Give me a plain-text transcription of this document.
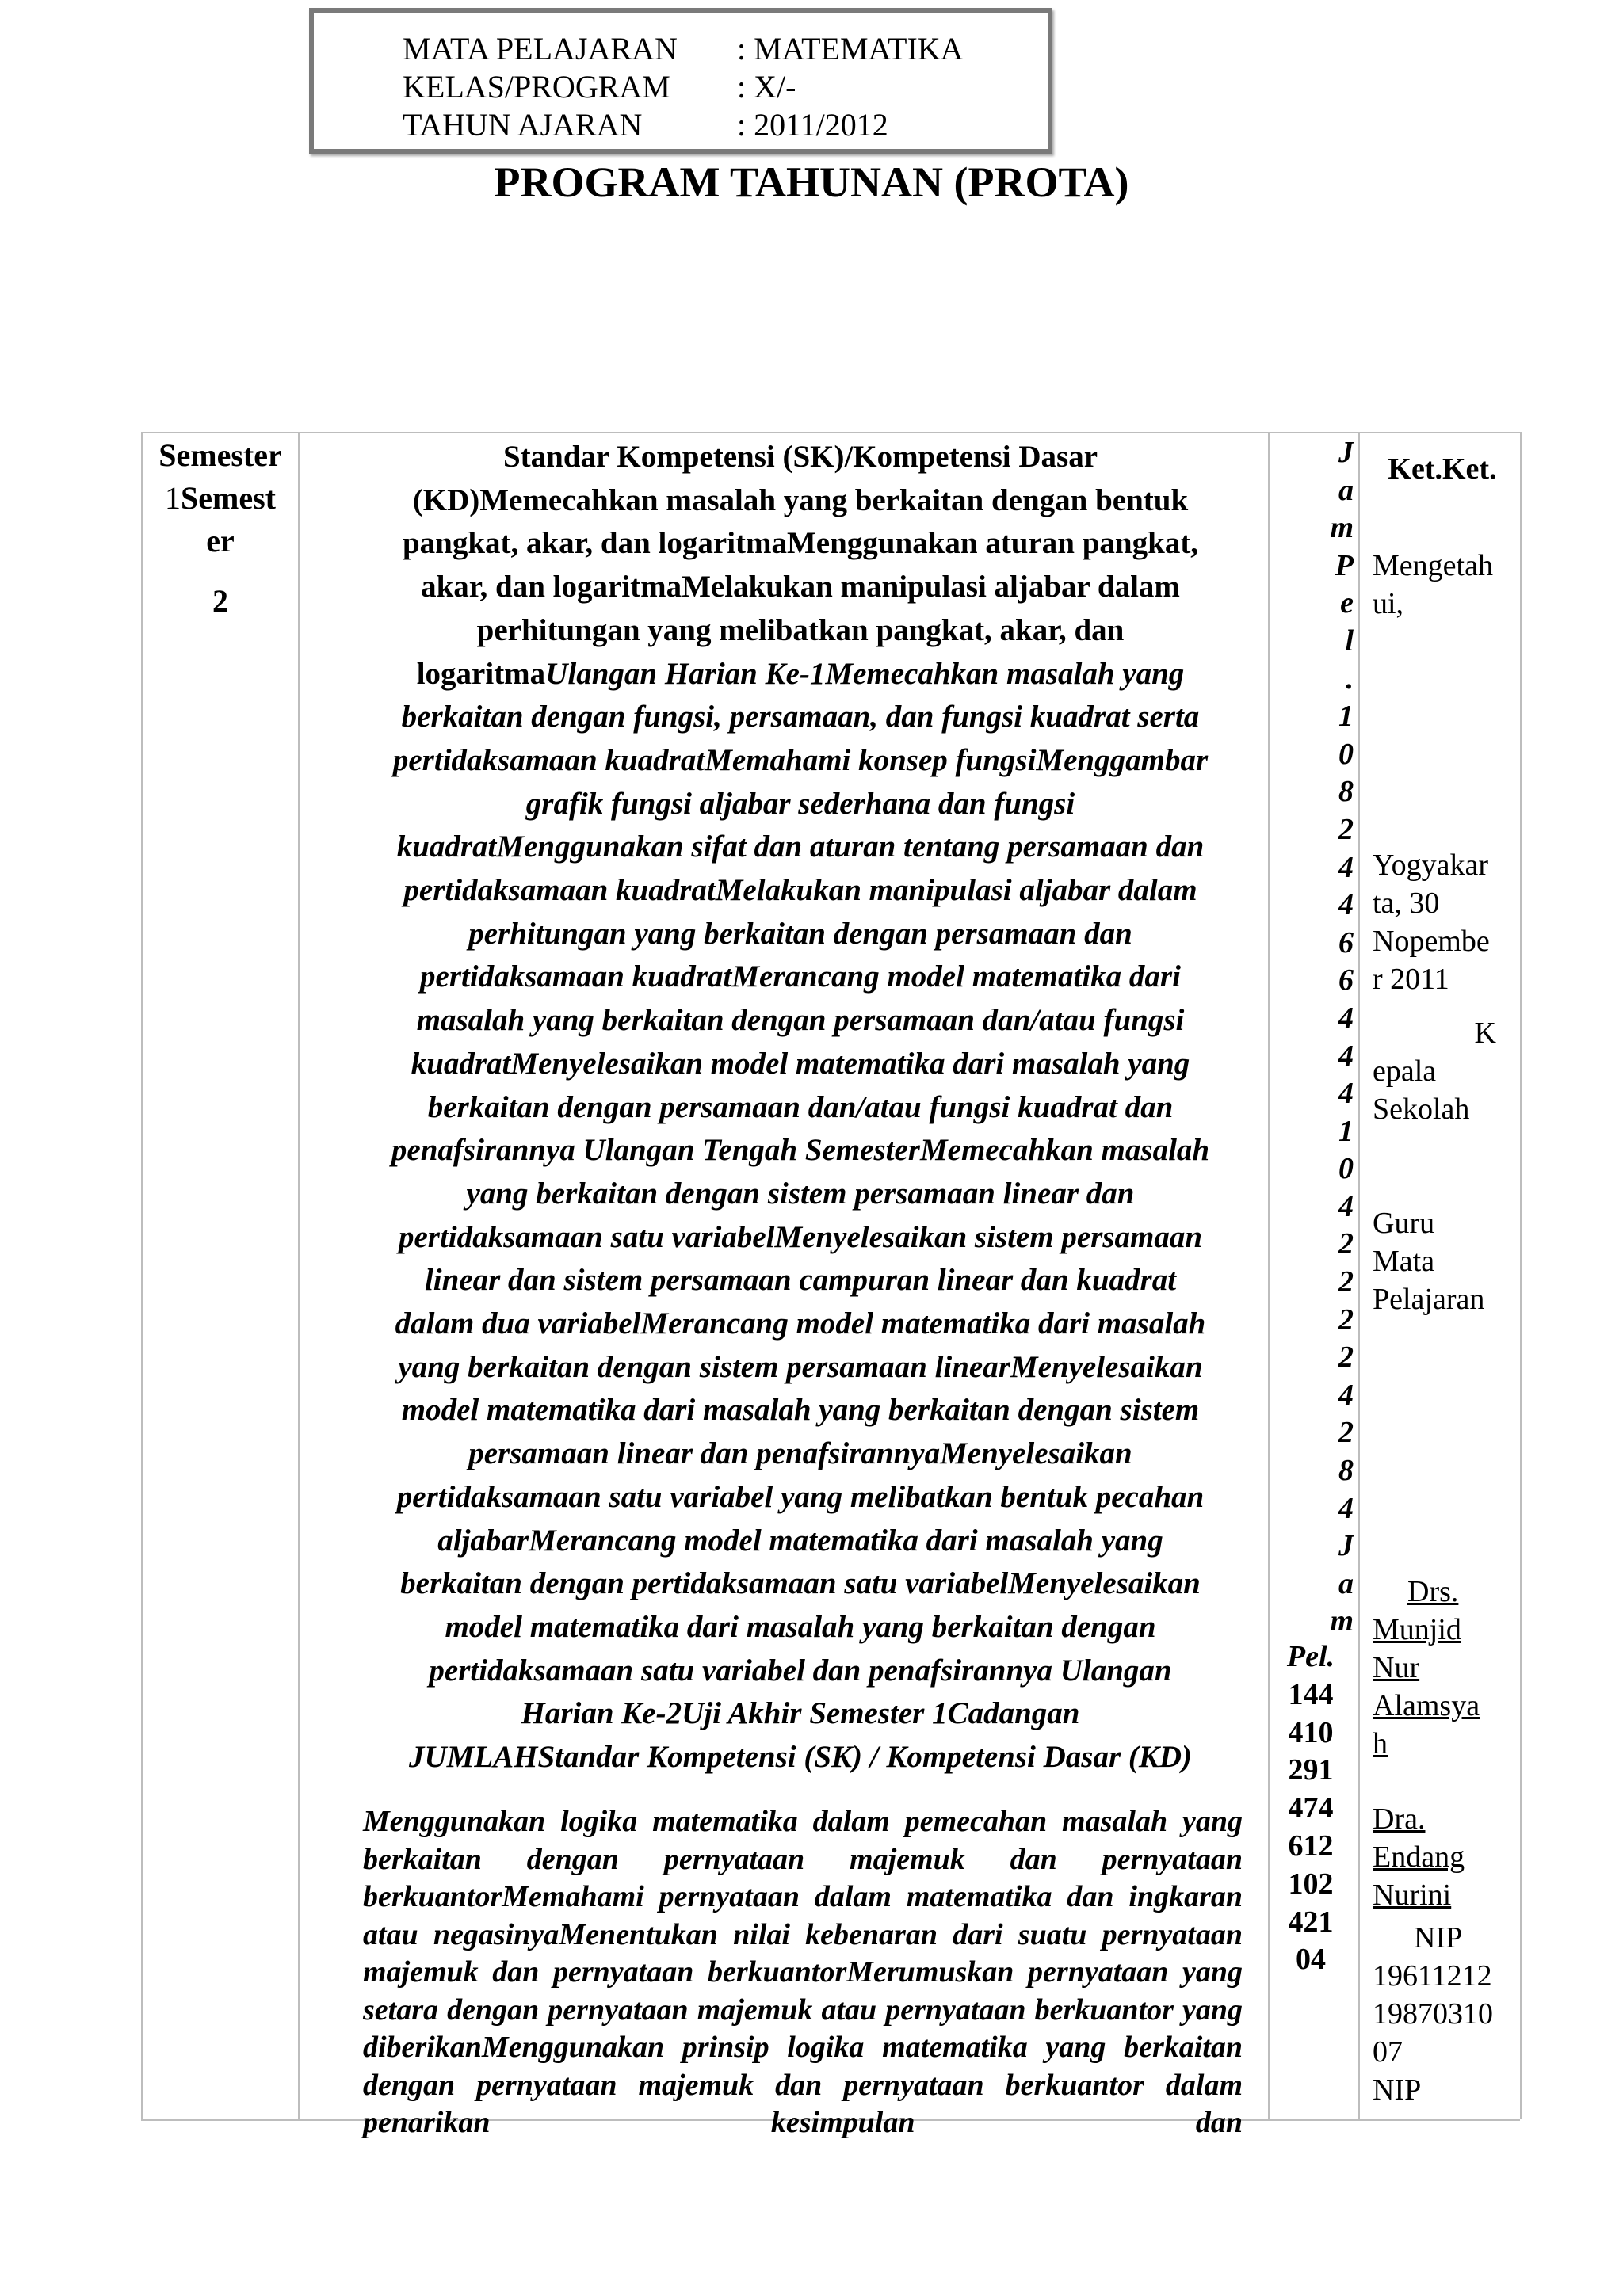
MATA PELAJARAN : MATEMATIKA
KELAS/PROGRAM : X/-
TAHUN AJARAN	: 2011/2012
PROGRAM TAHUNAN (PROTA)
Semester
1Semest
er
2
Standar Kompetensi (SK)/Kompetensi Dasar
(KD)Memecahkan masalah yang berkaitan dengan bentuk
pangkat, akar, dan logaritmaMenggunakan aturan pangkat,
akar, dan logaritmaMelakukan manipulasi aljabar dalam
perhitungan yang melibatkan pangkat, akar, dan
logaritmaUlangan Harian Ke-1Memecahkan masalah yang
berkaitan dengan fungsi, persamaan, dan fungsi kuadrat serta
pertidaksamaan kuadratMemahami konsep fungsiMenggambar
grafik fungsi aljabar sederhana dan fungsi
kuadratMenggunakan sifat dan aturan tentang persamaan dan
pertidaksamaan kuadratMelakukan manipulasi aljabar dalam
perhitungan yang berkaitan dengan persamaan dan
pertidaksamaan kuadratMerancang model matematika dari
masalah yang berkaitan dengan persamaan dan/atau fungsi
kuadratMenyelesaikan model matematika dari masalah yang
berkaitan dengan persamaan dan/atau fungsi kuadrat dan
penafsirannya Ulangan Tengah SemesterMemecahkan masalah
yang berkaitan dengan sistem persamaan linear dan
pertidaksamaan satu variabelMenyelesaikan sistem persamaan
linear dan sistem persamaan campuran linear dan kuadrat
dalam dua variabelMerancang model matematika dari masalah
yang berkaitan dengan sistem persamaan linearMenyelesaikan
model matematika dari masalah yang berkaitan dengan sistem
persamaan linear dan penafsirannyaMenyelesaikan
pertidaksamaan satu variabel yang melibatkan bentuk pecahan
aljabarMerancang model matematika dari masalah yang
berkaitan dengan pertidaksamaan satu variabelMenyelesaikan
model matematika dari masalah yang berkaitan dengan
pertidaksamaan satu variabel dan penafsirannya Ulangan
Harian Ke-2Uji Akhir Semester 1Cadangan
JUMLAHStandar Kompetensi (SK) / Kompetensi Dasar (KD)
Menggunakan logika matematika dalam pemecahan masalah yang berkaitan dengan pernyataan majemuk dan pernyataan berkuantorMemahami pernyataan dalam matematika dan ingkaran atau negasinyaMenentukan nilai kebenaran dari suatu pernyataan majemuk dan pernyataan berkuantorMerumuskan pernyataan yang setara dengan pernyataan majemuk atau pernyataan berkuantor yang diberikanMenggunakan prinsip logika matematika yang berkaitan dengan pernyataan majemuk dan pernyataan berkuantor dalam penarikan kesimpulan dan
J
a
m
P
e
l
.
1
0
8
2
4
4
6
6
4
4
4
1
0
4
2
2
2
2
4
2
8
4
J
a
m
Pel.
144
410
291
474
612
102
421
04
Ket.Ket.
Mengetah
ui,
Yogyakar
ta, 30
Nopembe
r 2011
K
epala
Sekolah
Guru
Mata
Pelajaran
Drs.
Munjid
Nur
Alamsya
h
Dra.
Endang
Nurini
NIP
19611212
19870310
07
NIP
